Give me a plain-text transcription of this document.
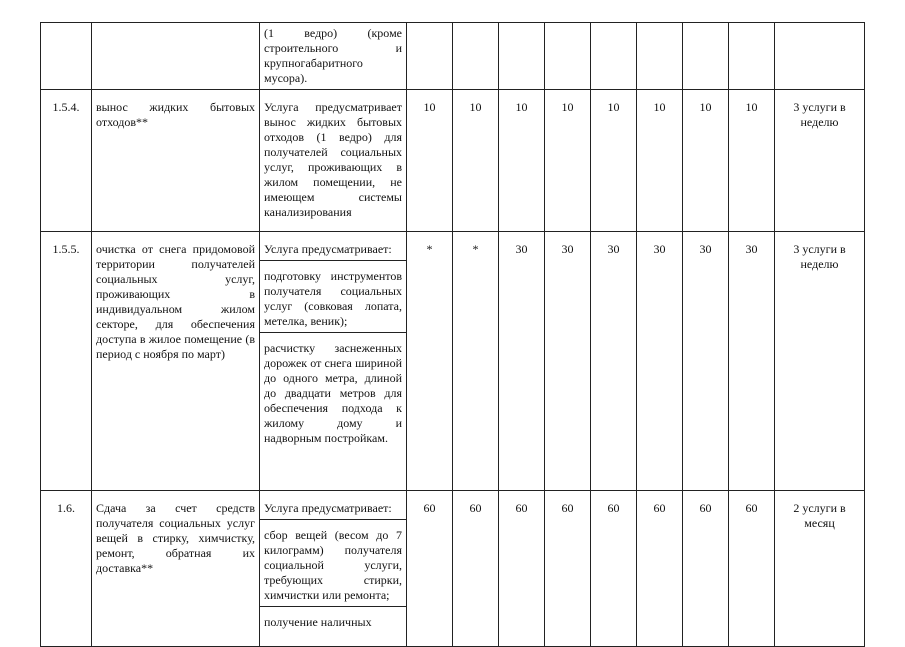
		(1 ведро) (кроме строительного и крупногабаритного мусора).									

1.5.4.	вынос жидких бытовых отходов**	Услуга предусматривает вынос жидких бытовых отходов (1 ведро) для получателей социальных услуг, проживающих в жилом помещении, не имеющем системы канализирования	10	10	10	10	10	10	10	10	3 услуги в неделю
1.5.5.	очистка от снега придомовой территории получателей социальных услуг, проживающих в индивидуальном жилом секторе, для обеспечения доступа в жилое помещение (в период с ноября по март)	Услуга предусматривает:
подготовку инструментов получателя социальных услуг (совковая лопата, метелка, веник);
расчистку заснеженных дорожек от снега шириной до одного метра, длиной до двадцати метров для обеспечения подхода к жилому дому и надворным постройкам.	*	*	30	30	30	30	30	30	3 услуги в неделю
1.6.	Сдача за счет средств получателя социальных услуг вещей в стирку, химчистку, ремонт, обратная их доставка**	Услуга предусматривает:
сбор вещей (весом до 7 килограмм) получателя социальной услуги, требующих стирки, химчистки или ремонта;
получение наличных	60	60	60	60	60	60	60	60	2 услуги в месяц
